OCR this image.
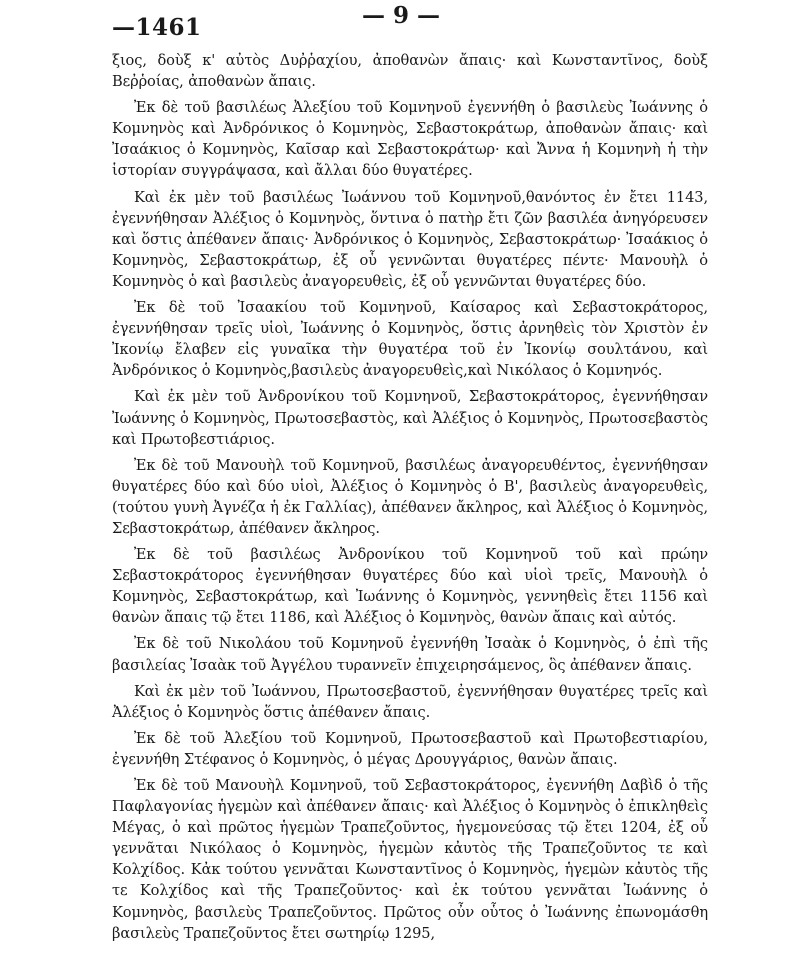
—1461	— 9 —

ξιος, δοὺξ κ' αὐτὸς Δυῤῥαχίου, ἀποθανὼν ἄπαις· καὶ Κωνσταντῖνος, δοὺξ Βεῤῥοίας, ἀποθανὼν ἄπαις.

Ἐκ δὲ τοῦ βασιλέως Ἀλεξίου τοῦ Κομνηνοῦ ἐγεννήθη ὁ βασιλεὺς Ἰωάννης ὁ Κομνηνὸς καὶ Ἀνδρόνικος ὁ Κομνηνὸς, Σεβαστοκράτωρ, ἀποθανὼν ἄπαις· καὶ Ἰσαάκιος ὁ Κομνηνὸς, Καῖσαρ καὶ Σεβαστοκράτωρ· καὶ Ἄννα ἡ Κομνηνὴ ἡ τὴν ἱστορίαν συγγράψασα, καὶ ἄλλαι δύο θυγατέρες.

Καὶ ἐκ μὲν τοῦ βασιλέως Ἰωάννου τοῦ Κομνηνοῦ,θανόντος ἐν ἔτει 1143, ἐγεννήθησαν Ἀλέξιος ὁ Κομνηνὸς, ὅντινα ὁ πατὴρ ἔτι ζῶν βασιλέα ἀνηγόρευσεν καὶ ὅστις ἀπέθανεν ἄπαις· Ἀνδρόνικος ὁ Κομνηνὸς, Σεβαστοκράτωρ· Ἰσαάκιος ὁ Κομνηνὸς, Σεβαστοκράτωρ, ἐξ οὗ γεννῶνται θυγατέρες πέντε· Μανουὴλ ὁ Κομνηνὸς ὁ καὶ βασιλεὺς ἀναγορευθεὶς, ἐξ οὗ γεννῶνται θυγατέρες δύο.

Ἐκ δὲ τοῦ Ἰσαακίου τοῦ Κομνηνοῦ, Καίσαρος καὶ Σεβαστοκράτορος, ἐγεννήθησαν τρεῖς υἱοὶ, Ἰωάννης ὁ Κομνηνὸς, ὅστις ἀρνηθεὶς τὸν Χριστὸν ἐν Ἰκονίῳ ἔλαβεν εἰς γυναῖκα τὴν θυγατέρα τοῦ ἐν Ἰκονίῳ σουλτάνου, καὶ Ἀνδρόνικος ὁ Κομνηνὸς,βασιλεὺς ἀναγορευθεὶς,καὶ Νικόλαος ὁ Κομνηνός.

Καὶ ἐκ μὲν τοῦ Ἀνδρονίκου τοῦ Κομνηνοῦ, Σεβαστοκράτορος, ἐγεννήθησαν Ἰωάννης ὁ Κομνηνὸς, Πρωτοσεβαστὸς, καὶ Ἀλέξιος ὁ Κομνηνὸς, Πρωτοσεβαστὸς καὶ Πρωτοβεστιάριος.

Ἐκ δὲ τοῦ Μανουὴλ τοῦ Κομνηνοῦ, βασιλέως ἀναγορευθέντος, ἐγεννήθησαν θυγατέρες δύο καὶ δύο υἱοὶ, Ἀλέξιος ὁ Κομνηνὸς ὁ Β', βασιλεὺς ἀναγορευθεὶς, (τούτου γυνὴ Ἀγνέζα ἡ ἐκ Γαλλίας), ἀπέθανεν ἄκληρος, καὶ Ἀλέξιος ὁ Κομνηνὸς, Σεβαστοκράτωρ, ἀπέθανεν ἄκληρος.

Ἐκ δὲ τοῦ βασιλέως Ἀνδρονίκου τοῦ Κομνηνοῦ τοῦ καὶ πρώην Σεβαστοκράτορος ἐγεννήθησαν θυγατέρες δύο καὶ υἱοὶ τρεῖς, Μανουὴλ ὁ Κομνηνὸς, Σεβαστοκράτωρ, καὶ Ἰωάννης ὁ Κομνηνὸς, γεννηθεὶς ἔτει 1156 καὶ θανὼν ἄπαις τῷ ἔτει 1186, καὶ Ἀλέξιος ὁ Κομνηνὸς, θανὼν ἄπαις καὶ αὐτός.

Ἐκ δὲ τοῦ Νικολάου τοῦ Κομνηνοῦ ἐγεννήθη Ἰσαὰκ ὁ Κομνηνὸς, ὁ ἐπὶ τῆς βασιλείας Ἰσαὰκ τοῦ Ἀγγέλου τυραννεῖν ἐπιχειρησάμενος, ὃς ἀπέθανεν ἄπαις.

Καὶ ἐκ μὲν τοῦ Ἰωάννου, Πρωτοσεβαστοῦ, ἐγεννήθησαν θυγατέρες τρεῖς καὶ Ἀλέξιος ὁ Κομνηνὸς ὅστις ἀπέθανεν ἄπαις.

Ἐκ δὲ τοῦ Ἀλεξίου τοῦ Κομνηνοῦ, Πρωτοσεβαστοῦ καὶ Πρωτοβεστιαρίου, ἐγεννήθη Στέφανος ὁ Κομνηνὸς, ὁ μέγας Δρουγγάριος, θανὼν ἄπαις.

Ἐκ δὲ τοῦ Μανουὴλ Κομνηνοῦ, τοῦ Σεβαστοκράτορος, ἐγεννήθη Δαβὶδ ὁ τῆς Παφλαγονίας ἡγεμὼν καὶ ἀπέθανεν ἄπαις· καὶ Ἀλέξιος ὁ Κομνηνὸς ὁ ἐπικληθεὶς Μέγας, ὁ καὶ πρῶτος ἡγεμὼν Τραπεζοῦντος, ἡγεμονεύσας τῷ ἔτει 1204, ἐξ οὗ γεννᾶται Νικόλαος ὁ Κομνηνὸς, ἡγεμὼν κἀυτὸς τῆς Τραπεζοῦντος τε καὶ Κολχίδος. Κἀκ τούτου γεννᾶται Κωνσταντῖνος ὁ Κομνηνὸς, ἡγεμὼν κἀυτὸς τῆς τε Κολχίδος καὶ τῆς Τραπεζοῦντος· καὶ ἐκ τούτου γεννᾶται Ἰωάννης ὁ Κομνηνὸς, βασιλεὺς Τραπεζοῦντος. Πρῶτος οὖν οὗτος ὁ Ἰωάννης ἐπωνομάσθη βασιλεὺς Τραπεζοῦντος ἔτει σωτηρίῳ 1295,
